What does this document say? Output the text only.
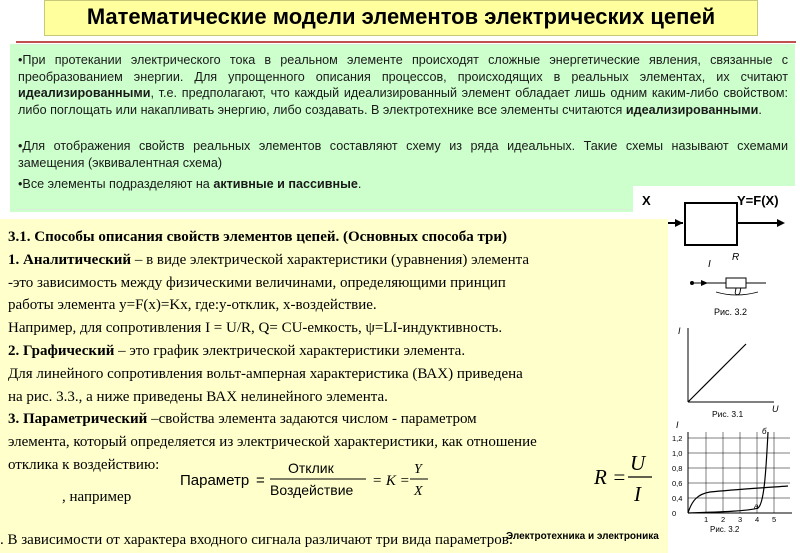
Математические модели элементов электрических цепей
•При протекании электрического тока в реальном элементе происходят сложные энергетические явления, связанные с преобразованием энергии. Для упрощенного описания процессов, происходящих в реальных элементах, их считают идеализированными, т.е. предполагают, что каждый идеализированный элемент обладает лишь одним каким-либо свойством: либо поглощать или накапливать энергию, либо создавать. В электротехнике все элементы считаются идеализированными.
•Для отображения свойств реальных элементов составляют схему из ряда идеальных. Такие схемы называют схемами замещения (эквивалентная схема)
•Все элементы подразделяют на активные и пассивные.
X	Y=F(X)
I
R
U
Рис. 3.2
I
U
Рис. 3.1
I
1,2
1,0
0,8
0,6
0,4
0
1 2 3 4 5
б
а
Рис. 3.2
3.1. Способы описания свойств элементов цепей. (Основных способа три)
1. Аналитический – в виде электрической характеристики (уравнения) элемента
-это зависимость между физическими величинами, определяющими принцип
работы элемента y=F(x)=Kx, где:y-отклик, x-воздействие.
Например, для сопротивления I = U/R, Q= CU-емкость, ψ=LI-индуктивность.
2. Графический – это график электрической характеристики элемента.
Для линейного сопротивления вольт-амперная характеристика (ВАХ) приведена
на рис. 3.3., а ниже приведены ВАХ нелинейного элемента.
3. Параметрический –свойства элемента задаются числом - параметром
элемента, который определяется из электрической характеристики, как отношение
отклика к воздействию:
Параметр =
Отклик
Воздействие
= K =
Y
X
, например
R =
U
I
. В зависимости от характера входного сигнала различают три вида параметров:
Электротехника и электроника
